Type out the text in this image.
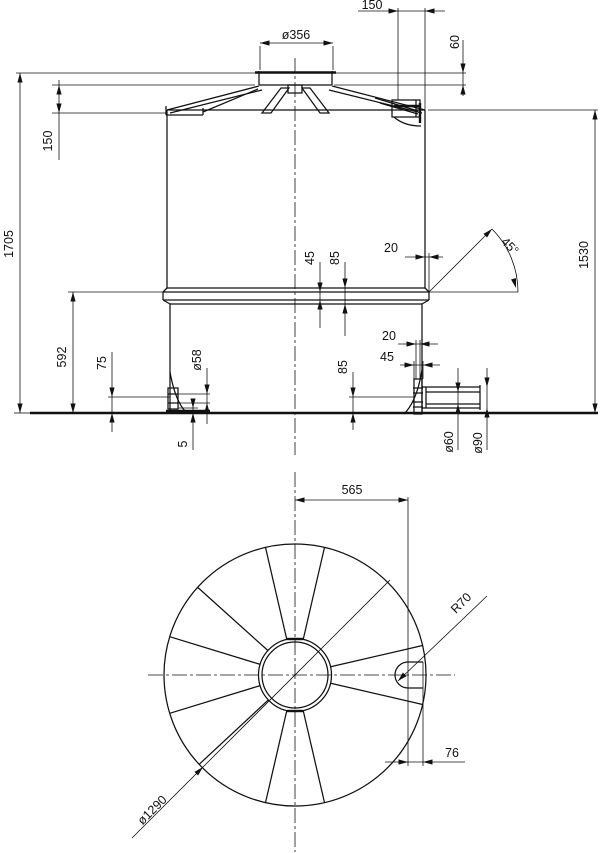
150
ø356	60
150
1705	1530
45 85
20	45°
592 75	ø58
5
20
45
85
ø60 ø90
565
76
R70
ø1290
